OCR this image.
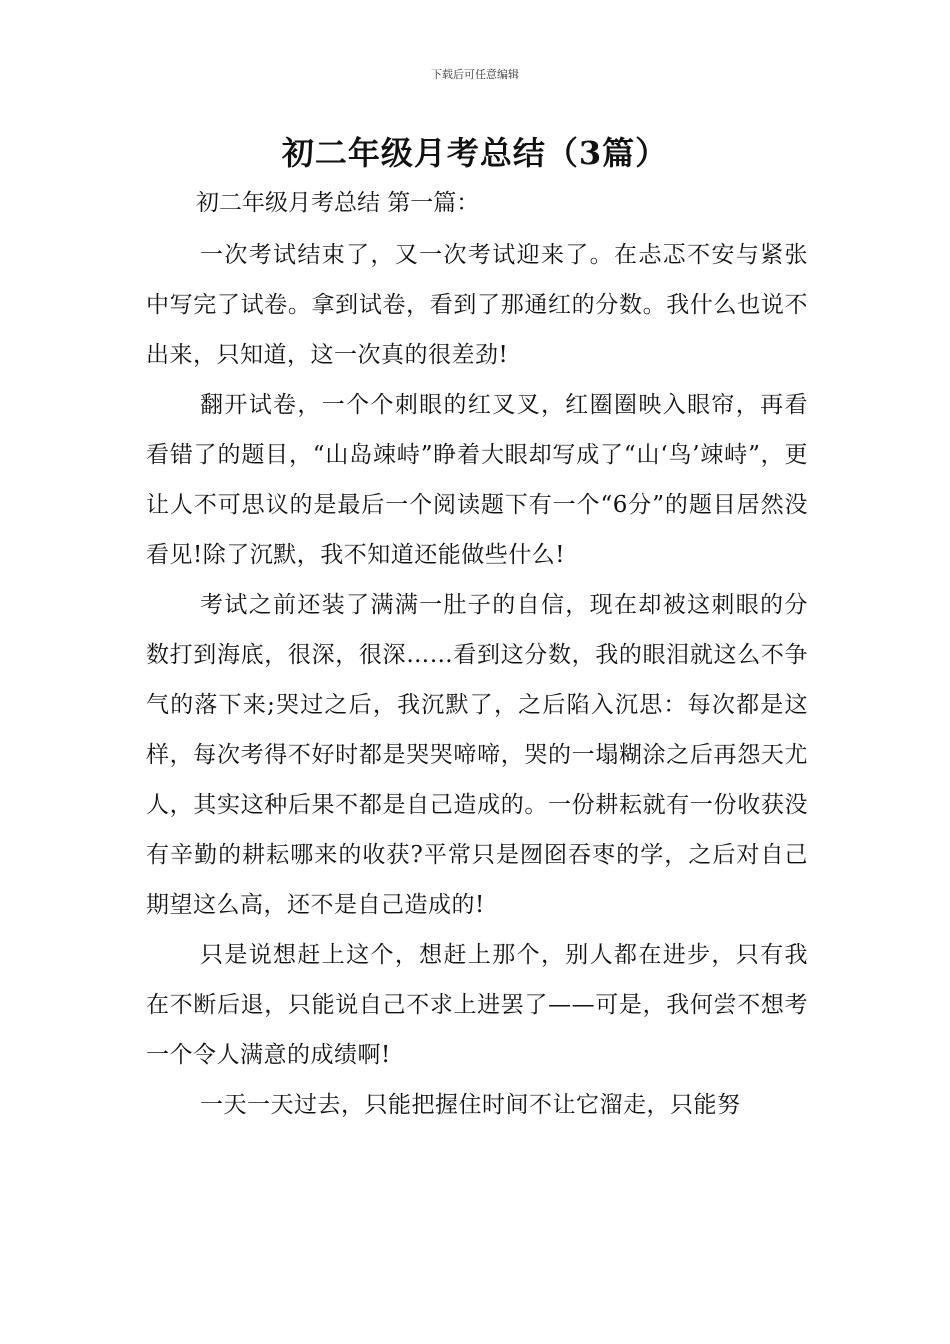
下载后可任意编辑
初二年级月考总结（3篇）
初二年级月考总结 第一篇：

一次考试结束了，又一次考试迎来了。在忐忑不安与紧张中写完了试卷。拿到试卷，看到了那通红的分数。我什么也说不出来，只知道，这一次真的很差劲!

翻开试卷，一个个刺眼的红叉叉，红圈圈映入眼帘，再看看错了的题目，“山岛竦峙”睁着大眼却写成了“山‘鸟’竦峙”，更让人不可思议的是最后一个阅读题下有一个“6分”的题目居然没看见!除了沉默，我不知道还能做些什么!

考试之前还装了满满一肚子的自信，现在却被这刺眼的分数打到海底，很深，很深……看到这分数，我的眼泪就这么不争气的落下来;哭过之后，我沉默了，之后陷入沉思：每次都是这样，每次考得不好时都是哭哭啼啼，哭的一塌糊涂之后再怨天尤人，其实这种后果不都是自己造成的。一份耕耘就有一份收获没有辛勤的耕耘哪来的收获?平常只是囫囵吞枣的学，之后对自己期望这么高，还不是自己造成的!

只是说想赶上这个，想赶上那个，别人都在进步，只有我在不断后退，只能说自己不求上进罢了——可是，我何尝不想考一个令人满意的成绩啊!

一天一天过去，只能把握住时间不让它溜走，只能努
